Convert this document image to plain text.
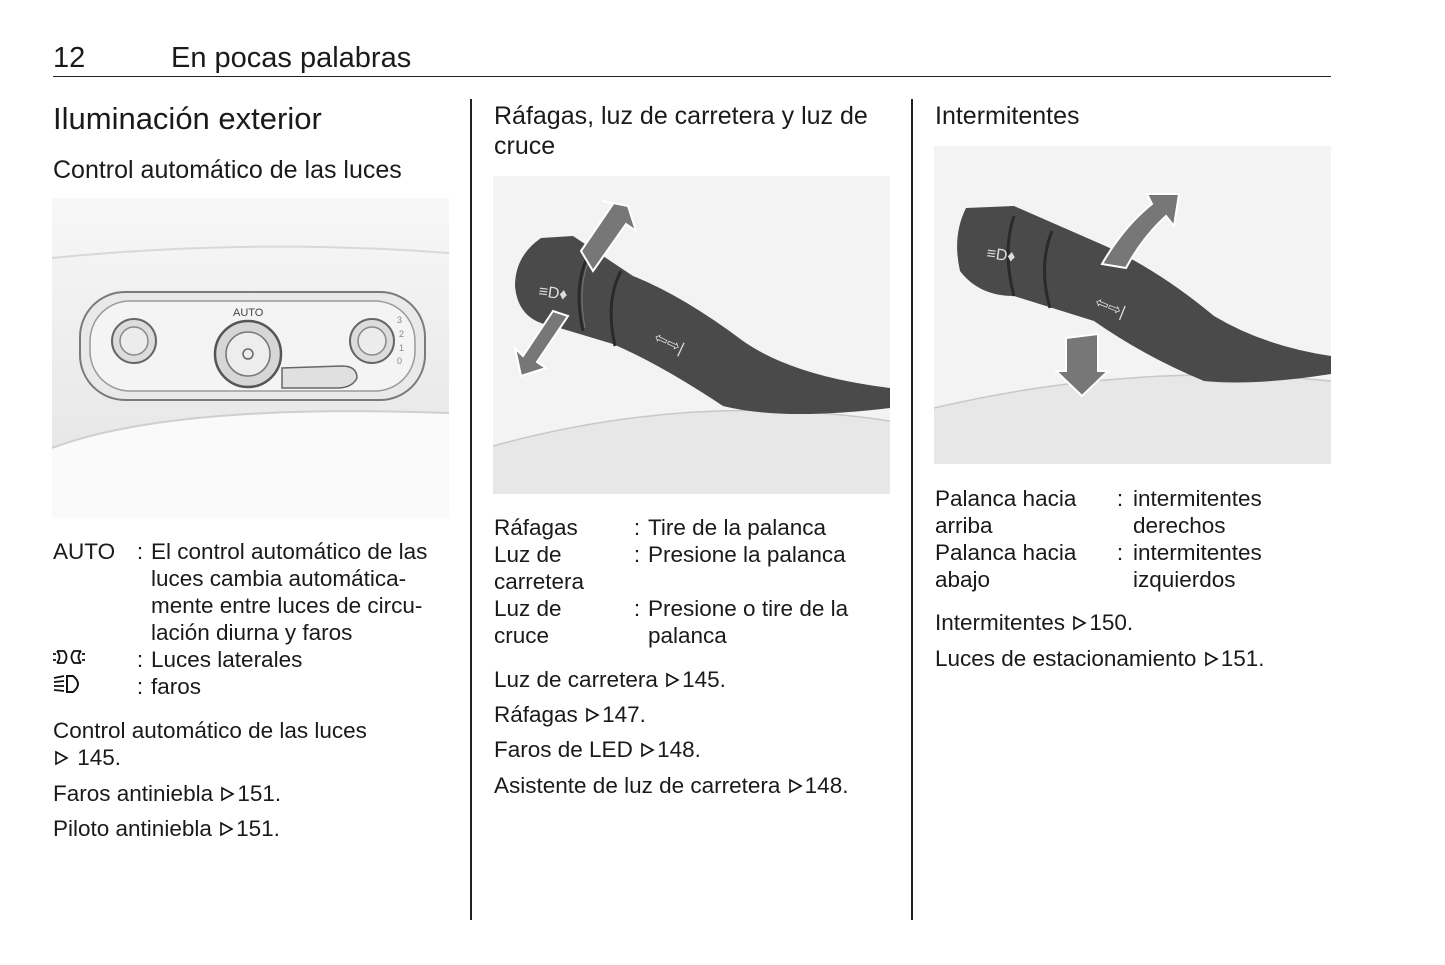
12	En pocas palabras
Iluminación exterior
Control automático de las luces
AUTO
3
2
1
0
AUTO : El control automático de las luces cambia automática-mente entre luces de circu-lación diurna y faros
: Luces laterales
: faros
Control automático de las luces
145.
Faros antiniebla 151.
Piloto antiniebla 151.
Ráfagas, luz de carretera y luz de cruce
≡D♦
⇦⇨|
Ráfagas	: Tire de la palanca
Luz de carretera
: Presione la palanca
Luz de cruce
: Presione o tire de la palanca
Luz de carretera 145.
Ráfagas 147.
Faros de LED 148.
Asistente de luz de carretera 148.
Intermitentes
≡D♦
⇦⇨|
Palanca hacia arriba
: intermitentes derechos
Palanca hacia abajo
: intermitentes izquierdos
Intermitentes 150.
Luces de estacionamiento 151.
